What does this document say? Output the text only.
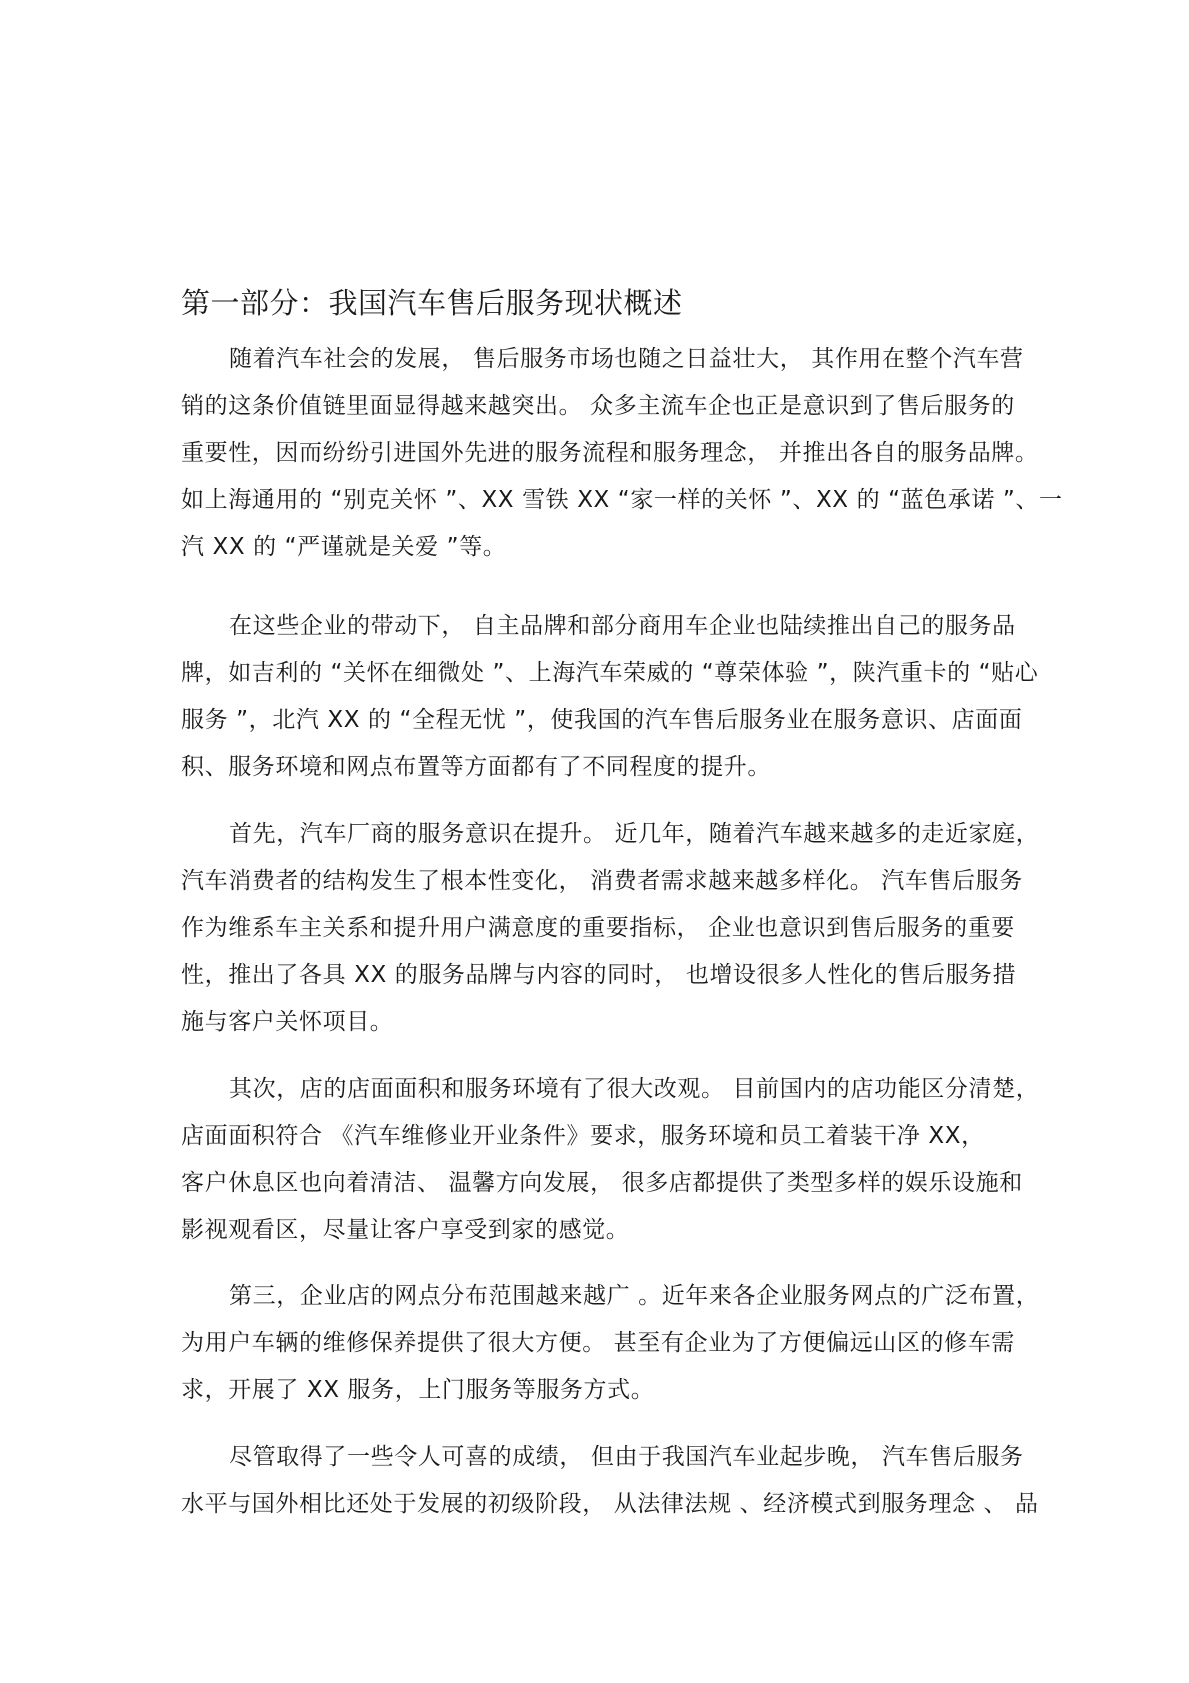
第一部分：我国汽车售后服务现状概述
随着汽车社会的发展， 售后服务市场也随之日益壮大， 其作用在整个汽车营
销的这条价值链里面显得越来越突出。 众多主流车企也正是意识到了售后服务的
重要性，因而纷纷引进国外先进的服务流程和服务理念， 并推出各自的服务品牌。
如上海通用的 “别克关怀 ”、XX 雪铁 XX “家一样的关怀 ”、XX 的 “蓝色承诺 ”、一
汽 XX 的 “严谨就是关爱 ”等。
在这些企业的带动下， 自主品牌和部分商用车企业也陆续推出自己的服务品
牌，如吉利的 “关怀在细微处 ”、上海汽车荣威的 “尊荣体验 ”，陕汽重卡的 “贴心
服务 ”，北汽 XX 的 “全程无忧 ”，使我国的汽车售后服务业在服务意识、店面面
积、服务环境和网点布置等方面都有了不同程度的提升。
首先，汽车厂商的服务意识在提升。 近几年，随着汽车越来越多的走近家庭，
汽车消费者的结构发生了根本性变化， 消费者需求越来越多样化。 汽车售后服务
作为维系车主关系和提升用户满意度的重要指标， 企业也意识到售后服务的重要
性，推出了各具 XX 的服务品牌与内容的同时， 也增设很多人性化的售后服务措
施与客户关怀项目。
其次，店的店面面积和服务环境有了很大改观。 目前国内的店功能区分清楚，
店面面积符合 《汽车维修业开业条件》要求，服务环境和员工着装干净 XX，
客户休息区也向着清洁、 温馨方向发展， 很多店都提供了类型多样的娱乐设施和
影视观看区，尽量让客户享受到家的感觉。
第三，企业店的网点分布范围越来越广 。近年来各企业服务网点的广泛布置，
为用户车辆的维修保养提供了很大方便。 甚至有企业为了方便偏远山区的修车需
求，开展了 XX 服务，上门服务等服务方式。
尽管取得了一些令人可喜的成绩， 但由于我国汽车业起步晚， 汽车售后服务
水平与国外相比还处于发展的初级阶段， 从法律法规 、经济模式到服务理念 、 品
